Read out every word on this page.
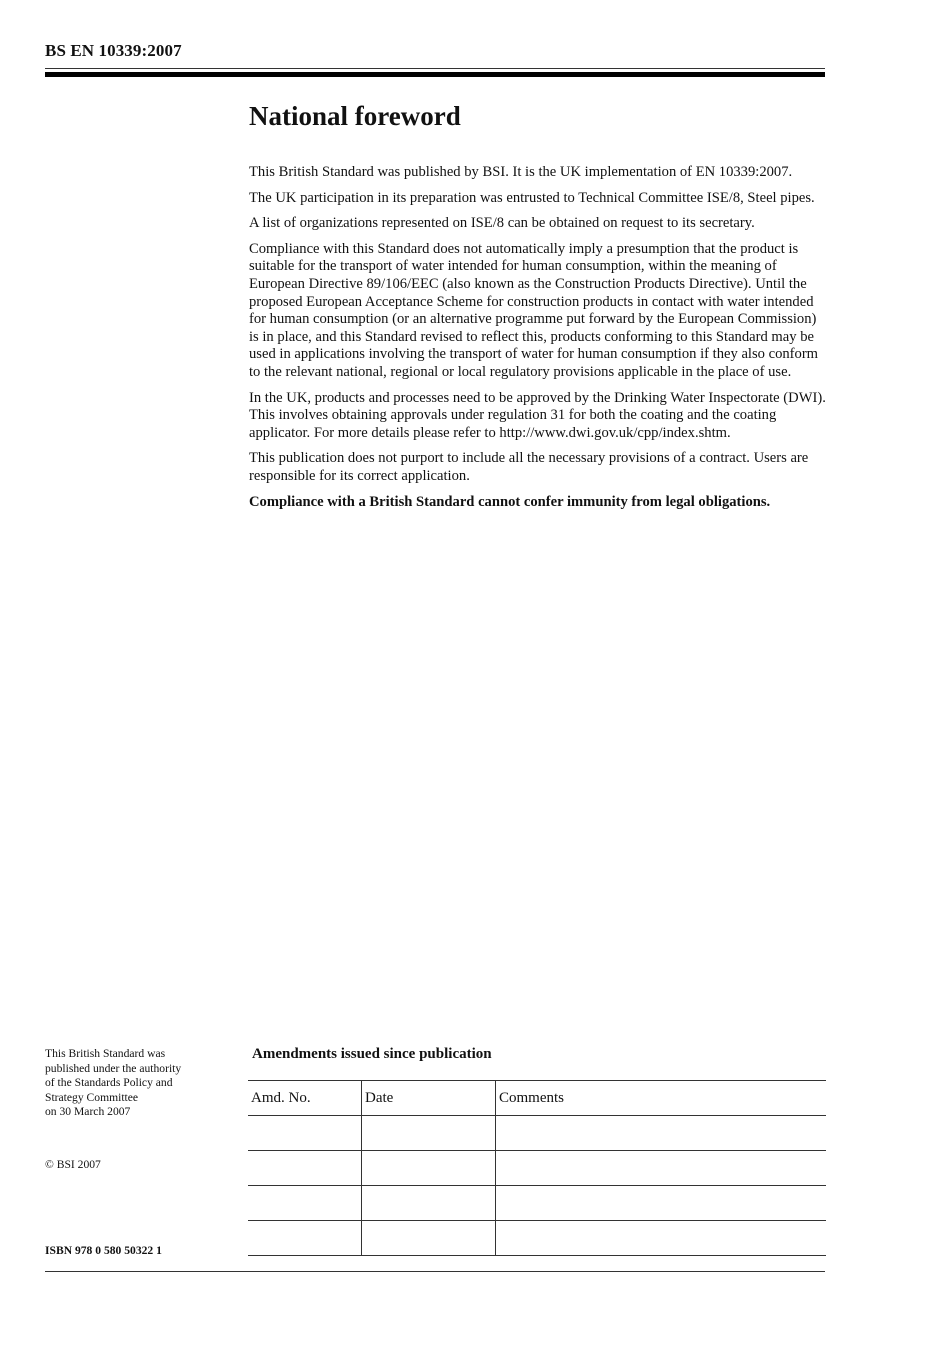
BS EN 10339:2007
National foreword

This British Standard was published by BSI. It is the UK implementation of EN 10339:2007.

The UK participation in its preparation was entrusted to Technical Committee ISE/8, Steel pipes.

A list of organizations represented on ISE/8 can be obtained on request to its secretary.

Compliance with this Standard does not automatically imply a presumption that the product is suitable for the transport of water intended for human consumption, within the meaning of European Directive 89/106/EEC (also known as the Construction Products Directive). Until the proposed European Acceptance Scheme for construction products in contact with water intended for human consumption (or an alternative programme put forward by the European Commission) is in place, and this Standard revised to reflect this, products conforming to this Standard may be used in applications involving the transport of water for human consumption if they also conform to the relevant national, regional or local regulatory provisions applicable in the place of use.

In the UK, products and processes need to be approved by the Drinking Water Inspectorate (DWI). This involves obtaining approvals under regulation 31 for both the coating and the coating applicator. For more details please refer to http://www.dwi.gov.uk/cpp/index.shtm.

This publication does not purport to include all the necessary provisions of a contract. Users are responsible for its correct application.

Compliance with a British Standard cannot confer immunity from legal obligations.

This British Standard was
published under the authority
of the Standards Policy and
Strategy Committee
on 30 March 2007
© BSI 2007
ISBN 978 0 580 50322 1
Amendments issued since publication
Amd. No.	Date	Comments
